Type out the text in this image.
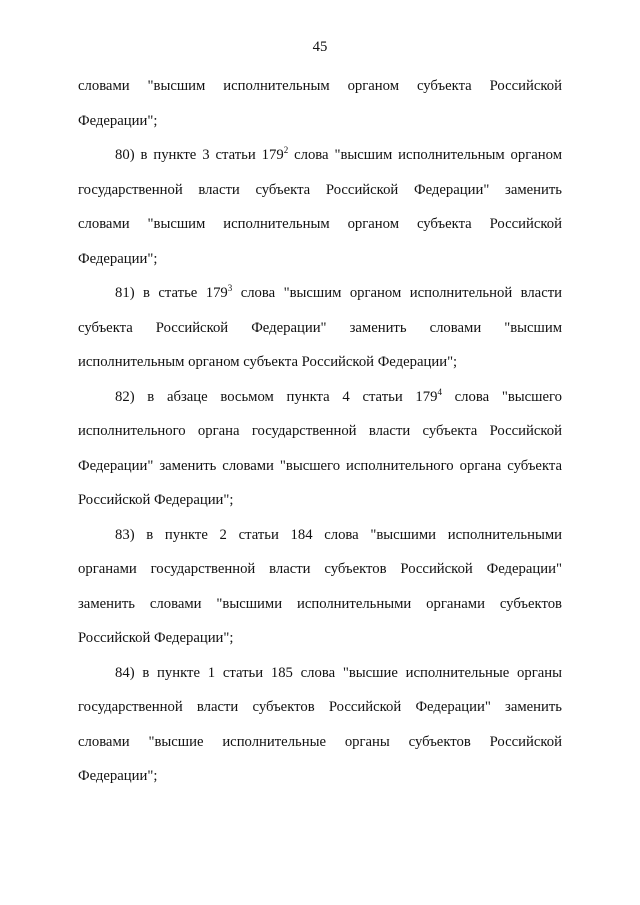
45
словами "высшим исполнительным органом субъекта Российской
Федерации";
80) в пункте 3 статьи $179^2$ слова "высшим исполнительным органом
государственной власти субъекта Российской Федерации" заменить
словами "высшим исполнительным органом субъекта Российской
Федерации";
81) в статье $179^3$ слова "высшим органом исполнительной власти
субъекта Российской Федерации" заменить словами "высшим
исполнительным органом субъекта Российской Федерации";
82) в абзаце восьмом пункта 4 статьи $179^4$ слова "высшего
исполнительного органа государственной власти субъекта Российской
Федерации" заменить словами "высшего исполнительного органа субъекта
Российской Федерации";
83) в пункте 2 статьи 184 слова "высшими исполнительными
органами государственной власти субъектов Российской Федерации"
заменить словами "высшими исполнительными органами субъектов
Российской Федерации";
84) в пункте 1 статьи 185 слова "высшие исполнительные органы
государственной власти субъектов Российской Федерации" заменить
словами "высшие исполнительные органы субъектов Российской
Федерации";
